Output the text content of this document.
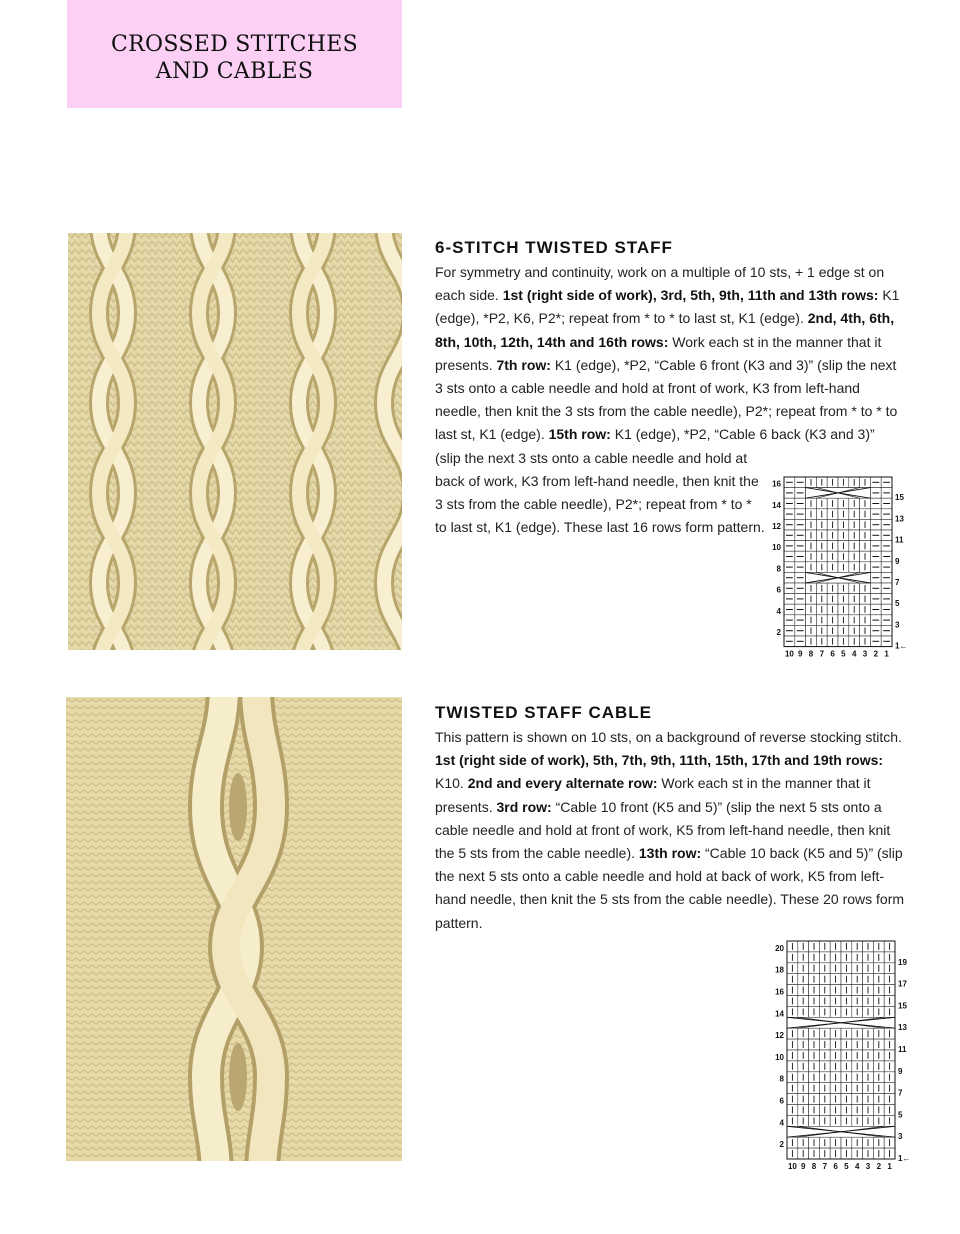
CROSSED STITCHES
AND CABLES
6-STITCH TWISTED STAFF

For symmetry and continuity, work on a multiple of 10 sts, + 1 edge st on each side. 1st (right side of work), 3rd, 5th, 9th, 11th and 13th rows: K1 (edge), *P2, K6, P2*; repeat from * to * to last st, K1 (edge). 2nd, 4th, 6th, 8th, 10th, 12th, 14th and 16th rows: Work each st in the manner that it presents. 7th row: K1 (edge), *P2, “Cable 6 front (K3 and 3)” (slip the next 3 sts onto a cable needle and hold at front of work, K3 from left-hand needle, then knit the 3 sts from the cable needle), P2*; repeat from * to * to last st, K1 (edge). 15th row: K1 (edge), *P2, “Cable 6 back (K3 and 3)”

(slip the next 3 sts onto a cable needle and hold at back of work, K3 from left-hand needle, then knit the 3 sts from the cable needle), P2*; repeat from * to * to last st, K1 (edge). These last 16 rows form pattern.

16
14
12
10
8
6
4
2
15
13
11
9
7
5
3
1←
10 9 8 7 6 5 4 3 2 1
TWISTED STAFF CABLE

This pattern is shown on 10 sts, on a background of reverse stocking stitch. 1st (right side of work), 5th, 7th, 9th, 11th, 15th, 17th and 19th rows: K10. 2nd and every alternate row: Work each st in the manner that it presents. 3rd row: “Cable 10 front (K5 and 5)” (slip the next 5 sts onto a cable needle and hold at front of work, K5 from left-hand needle, then knit the 5 sts from the cable needle). 13th row: “Cable 10 back (K5 and 5)” (slip the next 5 sts onto a cable needle and hold at back of work, K5 from left-hand needle, then knit the 5 sts from the cable needle). These 20 rows form pattern.

20
18
16
14
12
10
8
6
4
2
19
17
15
13
11
9
7
5
3
1←
10 9 8 7 6 5 4 3 2 1
